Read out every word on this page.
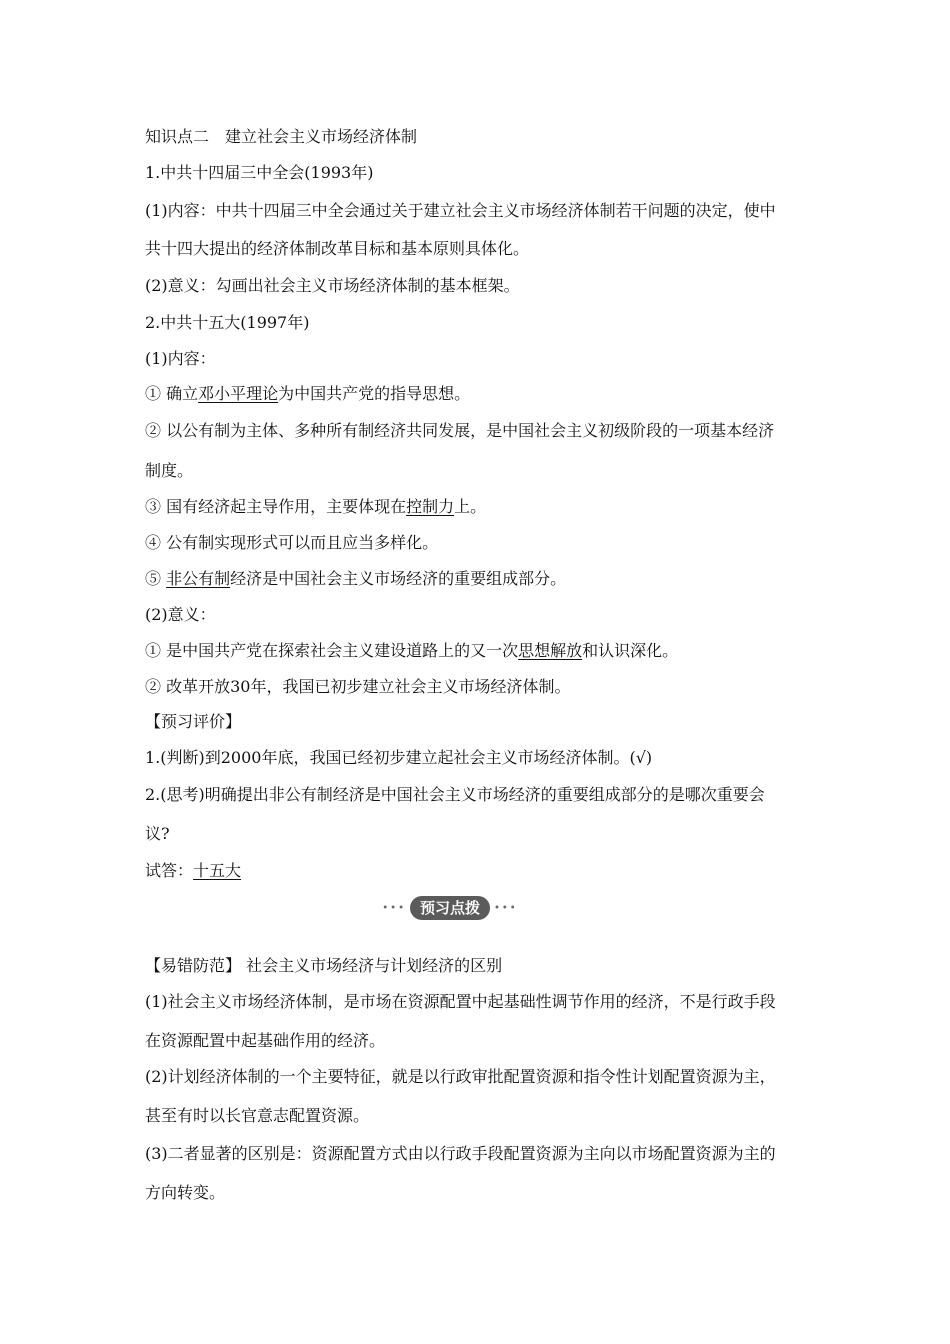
知识点二　建立社会主义市场经济体制
1.中共十四届三中全会(1993年)
(1)内容：中共十四届三中全会通过关于建立社会主义市场经济体制若干问题的决定，使中
共十四大提出的经济体制改革目标和基本原则具体化。
(2)意义：勾画出社会主义市场经济体制的基本框架。
2.中共十五大(1997年)
(1)内容：
① 确立邓小平理论为中国共产党的指导思想。
② 以公有制为主体、多种所有制经济共同发展，是中国社会主义初级阶段的一项基本经济
制度。
③ 国有经济起主导作用，主要体现在控制力上。
④ 公有制实现形式可以而且应当多样化。
⑤ 非公有制经济是中国社会主义市场经济的重要组成部分。
(2)意义：
① 是中国共产党在探索社会主义建设道路上的又一次思想解放和认识深化。
② 改革开放30年，我国已初步建立社会主义市场经济体制。
【预习评价】
1.(判断)到2000年底，我国已经初步建立起社会主义市场经济体制。(√)
2.(思考)明确提出非公有制经济是中国社会主义市场经济的重要组成部分的是哪次重要会
议?
试答：十五大
••• 预习点拨	•••
【易错防范】 社会主义市场经济与计划经济的区别
(1)社会主义市场经济体制，是市场在资源配置中起基础性调节作用的经济，不是行政手段
在资源配置中起基础作用的经济。
(2)计划经济体制的一个主要特征，就是以行政审批配置资源和指令性计划配置资源为主，
甚至有时以长官意志配置资源。
(3)二者显著的区别是：资源配置方式由以行政手段配置资源为主向以市场配置资源为主的
方向转变。
